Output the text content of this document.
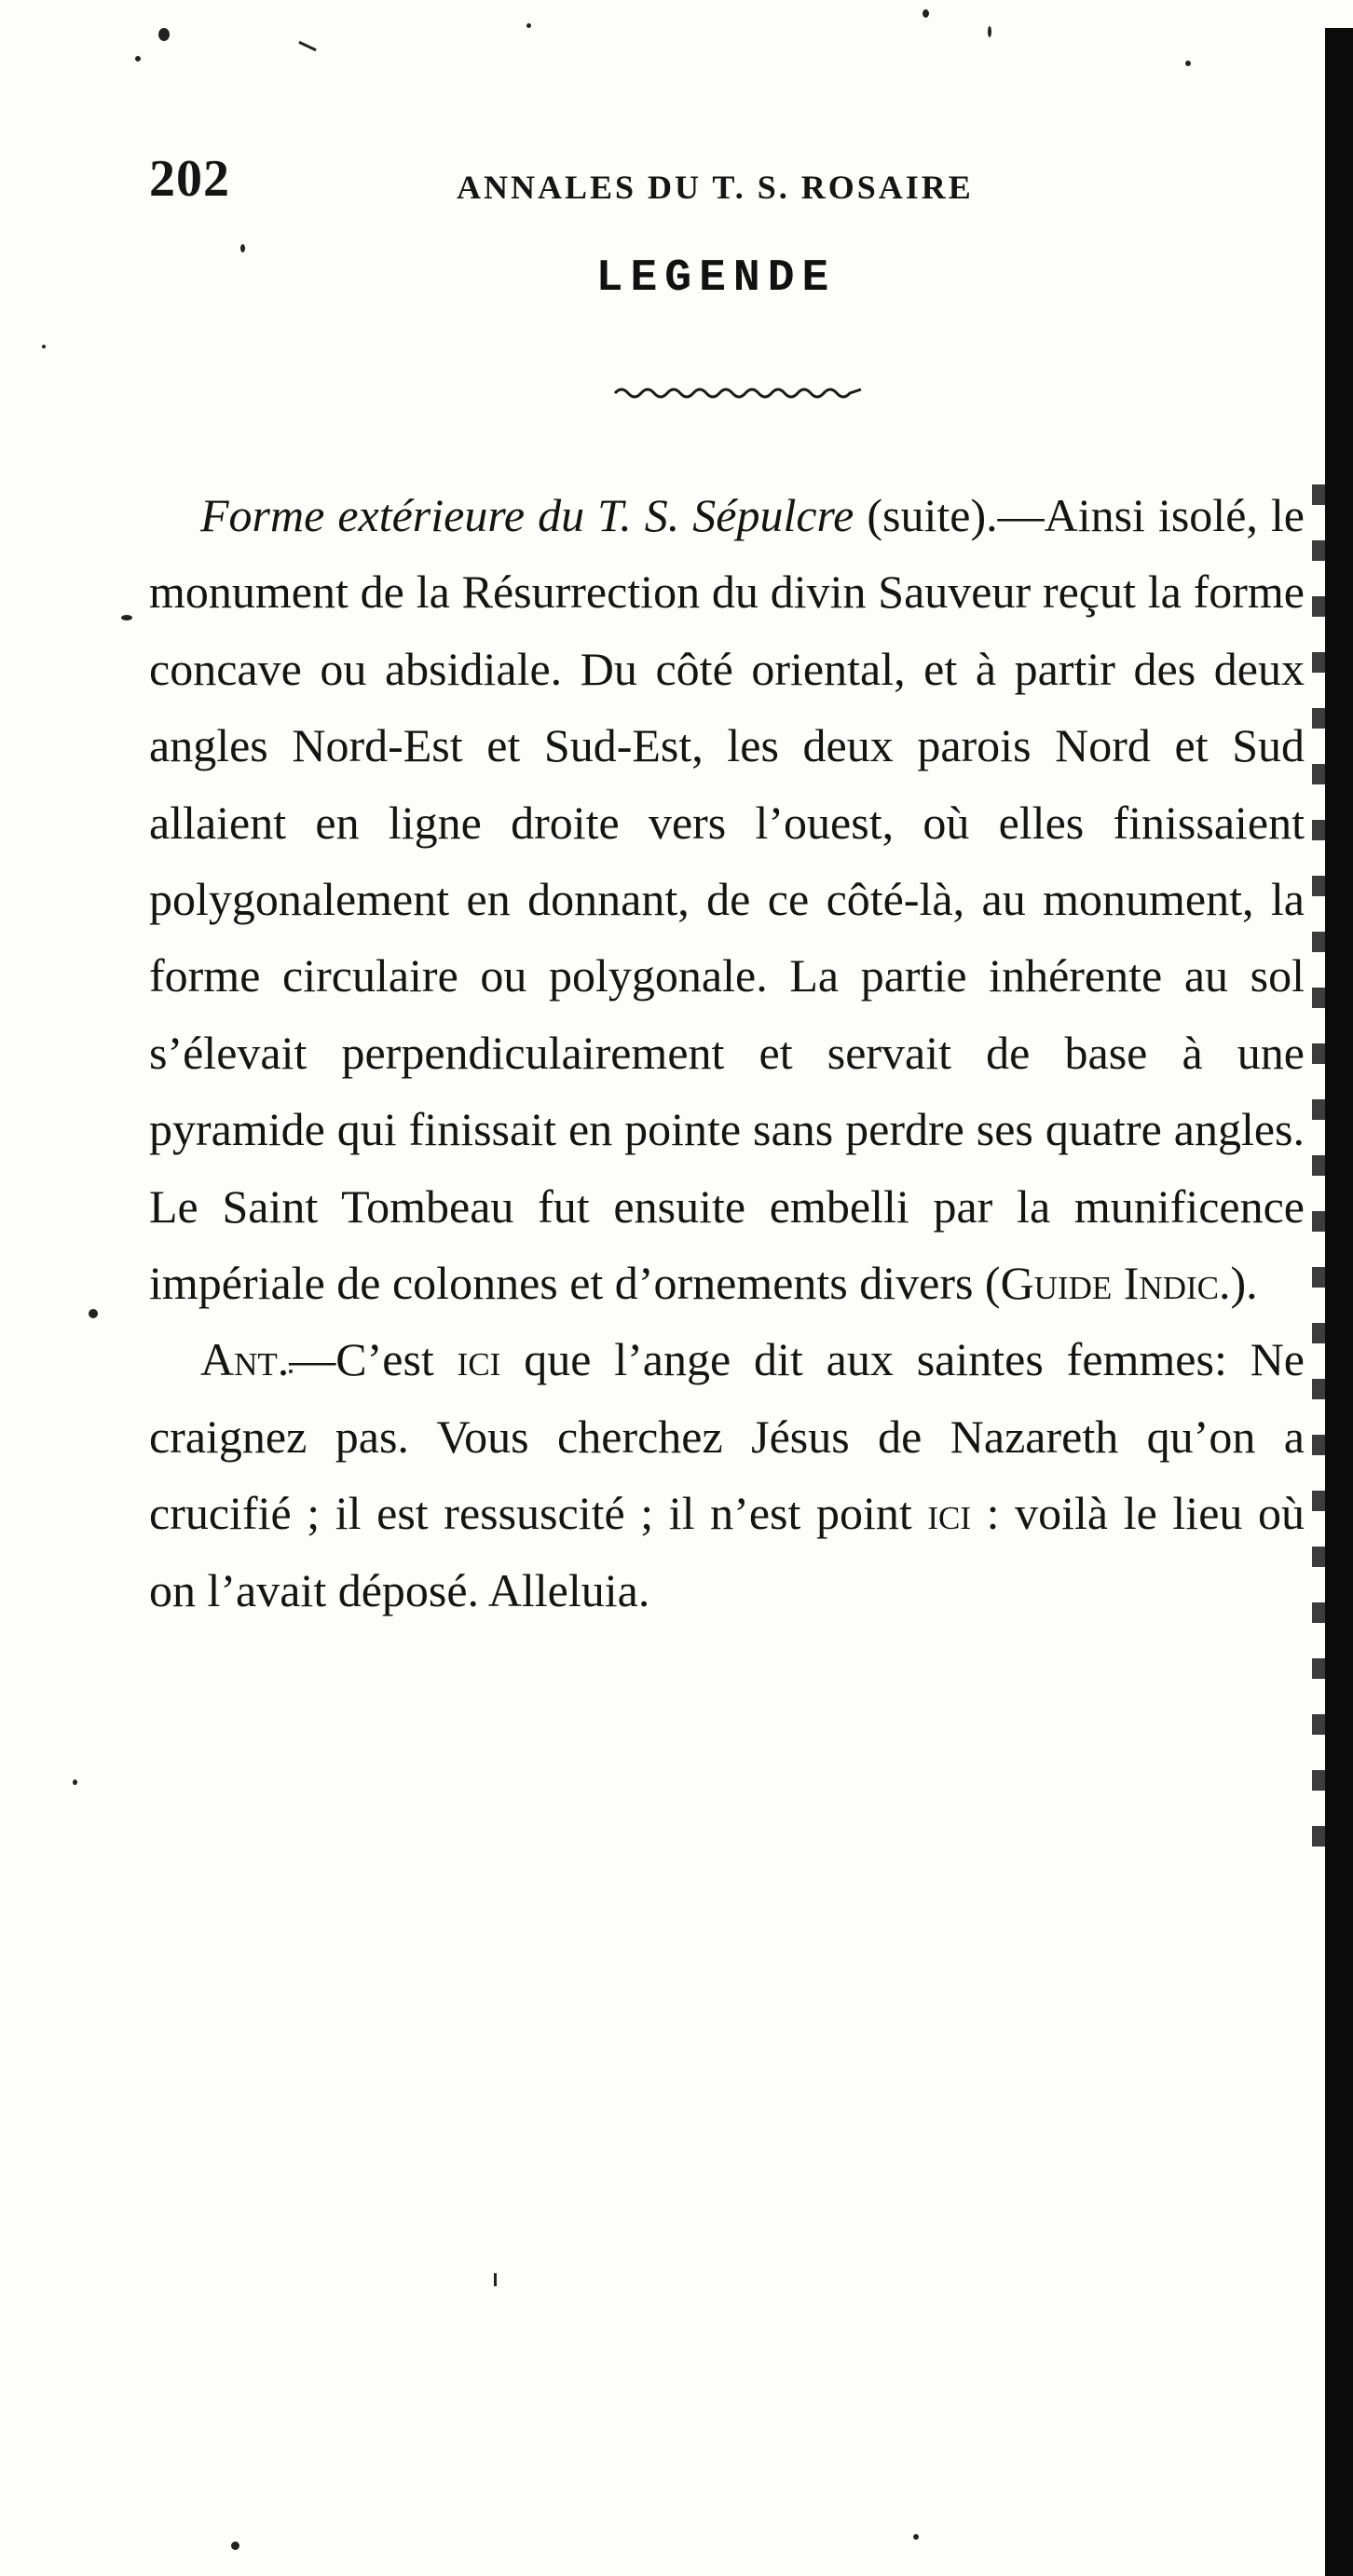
202	ANNALES DU T. S. ROSAIRE
LEGENDE

Forme extérieure du T. S. Sépulcre (suite).—Ainsi isolé, le monument de la Résurrection du divin Sauveur reçut la forme concave ou absidiale. Du côté oriental, et à partir des deux angles Nord-Est et Sud-Est, les deux parois Nord et Sud allaient en ligne droite vers l’ouest, où elles finissaient polygonalement en donnant, de ce côté-là, au monument, la forme circulaire ou polygonale. La partie inhérente au sol s’élevait perpendiculairement et servait de base à une pyramide qui finissait en pointe sans perdre ses quatre angles. Le Saint Tombeau fut ensuite embelli par la munificence impériale de colonnes et d’ornements divers (Guide Indic.).

Ant.—C’est ici que l’ange dit aux saintes femmes: Ne craignez pas. Vous cherchez Jésus de Nazareth qu’on a crucifié ; il est ressuscité ; il n’est point ici : voilà le lieu où on l’avait déposé. Alleluia.
